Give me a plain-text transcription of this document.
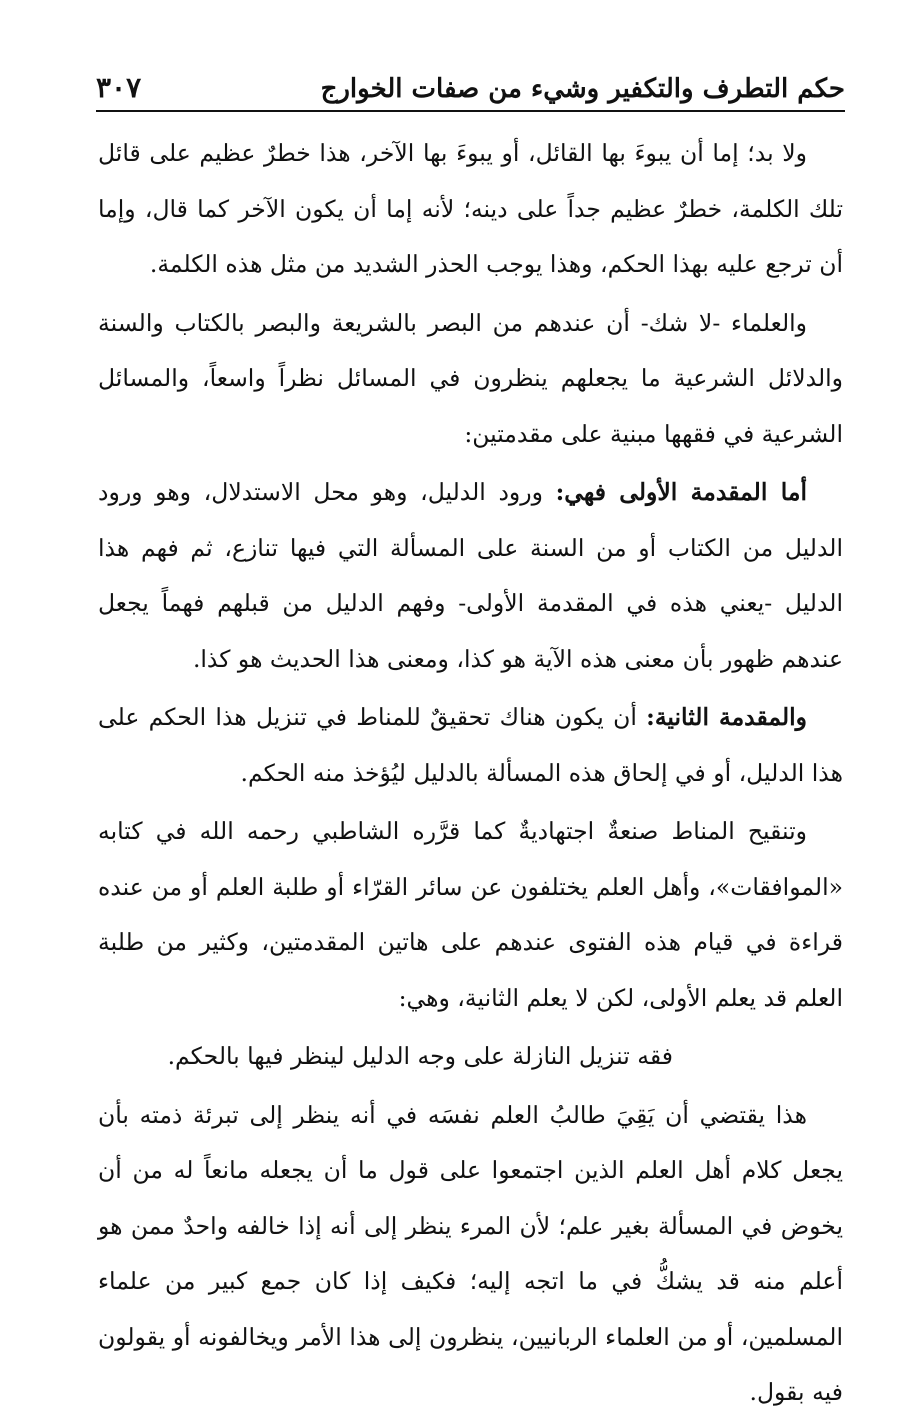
حكم التطرف والتكفير وشيء من صفات الخوارج
٣٠٧

ولا بد؛ إما أن يبوءَ بها القائل، أو يبوءَ بها الآخر، هذا خطرٌ عظيم على قائل تلك الكلمة، خطرٌ عظيم جداً على دينه؛ لأنه إما أن يكون الآخر كما قال، وإما أن ترجع عليه بهذا الحكم، وهذا يوجب الحذر الشديد من مثل هذه الكلمة.

والعلماء -لا شك- أن عندهم من البصر بالشريعة والبصر بالكتاب والسنة والدلائل الشرعية ما يجعلهم ينظرون في المسائل نظراً واسعاً، والمسائل الشرعية في فقهها مبنية على مقدمتين:

أما المقدمة الأولى فهي: ورود الدليل، وهو محل الاستدلال، وهو ورود الدليل من الكتاب أو من السنة على المسألة التي فيها تنازع، ثم فهم هذا الدليل -يعني هذه في المقدمة الأولى- وفهم الدليل من قبلهم فهماً يجعل عندهم ظهور بأن معنى هذه الآية هو كذا، ومعنى هذا الحديث هو كذا.

والمقدمة الثانية: أن يكون هناك تحقيقٌ للمناط في تنزيل هذا الحكم على هذا الدليل، أو في إلحاق هذه المسألة بالدليل ليُؤخذ منه الحكم.

وتنقيح المناط صنعةٌ اجتهاديةٌ كما قرَّره الشاطبي رحمه الله في كتابه «الموافقات»، وأهل العلم يختلفون عن سائر القرّاء أو طلبة العلم أو من عنده قراءة في قيام هذه الفتوى عندهم على هاتين المقدمتين، وكثير من طلبة العلم قد يعلم الأولى، لكن لا يعلم الثانية، وهي:

فقه تنزيل النازلة على وجه الدليل لينظر فيها بالحكم.

هذا يقتضي أن يَقِيَ طالبُ العلم نفسَه في أنه ينظر إلى تبرئة ذمته بأن يجعل كلام أهل العلم الذين اجتمعوا على قول ما أن يجعله مانعاً له من أن يخوض في المسألة بغير علم؛ لأن المرء ينظر إلى أنه إذا خالفه واحدٌ ممن هو أعلم منه قد يشكُّ في ما اتجه إليه؛ فكيف إذا كان جمع كبير من علماء المسلمين، أو من العلماء الربانيين، ينظرون إلى هذا الأمر ويخالفونه أو يقولون فيه بقول.
